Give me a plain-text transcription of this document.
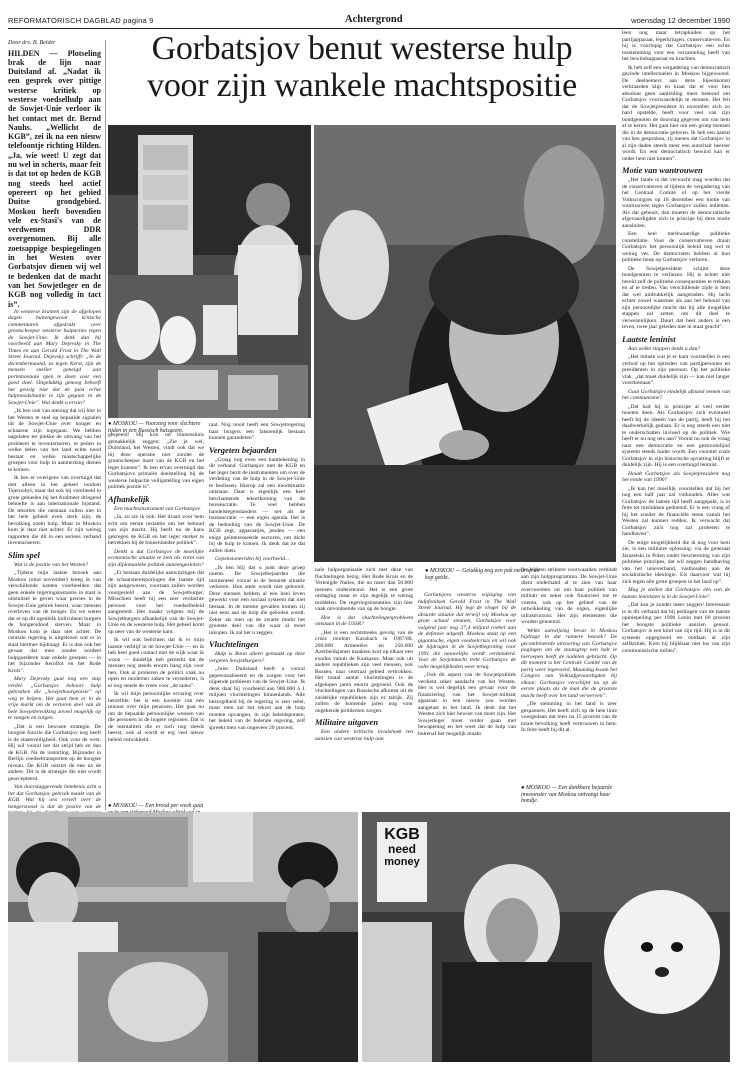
REFORMATORISCH DAGBLAD pagina 9	Achtergrond	woensdag 12 december 1990
Door drs. B. Belder
HILDEN — Plotseling brak de lijn naar Duitsland af. „Nadat ik een gesprek over pittige westerse kritiek op westerse voedselhulp aan de Sowjet-Unie verloor ik het contact met dr. Bernd Nauhs. „Wellicht de KGB”, zei ik na een nieuw telefoontje richting Hilden. „Ja, wie weet! U zegt dat nu wel in scherts, maar feit is dat tot op heden de KGB nog steeds heel actief opereert op het gebied Duitse grondgebied. Moskou heeft bovendien vele ex-Stasi's van de verdwenen DDR overgenomen. Bij alle zoetsappige bespiegelingen in het Westen over Gorbatsjov dienen wij wel te bedenken dat de macht van het Sowjetleger en de KGB nog volledig in tact is”.

In westerse kranten zijn de afgelopen dagen buitengewoon kritische commentaren afgedrukt over grootscheepse westerse hulpacties tegen de Sowjet-Unie. Ik denk dan bij voorbeeld aan Mary Dejevsky in The Times en aan Gerald Frost in The Wall Street Journal. Dejevsky schrijft: „In de decembermaand, zo tegen Kerst, zijn de mensen sneller geneigd aan portemonnaie open te doen voor een goed doel. Ongelukkig genoeg behoeft het gevolg niet dat de juist echte hulpnoodsituatie te zijn gegaan in de Sowjet-Unie”. Wat denkt u ervan?

„Ik ben ook van mening dat wij hier in het Westen te snel op bepaalde signalen uit de Sowjet-Unie over honger en schaarste zijn ingegaan. We hebben nagelaten ter plekke de omvang van het probleem te inventariseren, te peilen in welke delen van het land echte nood bestaat en welke maatschappelijke groepen voor hulp in aanmerking dienen te komen.

Ik ben er overigens van overtuigd dat met alleen in het geheel rondom Tsjernobyl, maar dat ook bij voorbeeld in grote gebieden bij het Aralmeer dringend behoefte is aan internationale bijstand. De tekorten die ontstaan zullen niet in het hele gebied even sterk zijn, de bevolking zoekt hulp. Maar in Moskou kom je daar niet achter. Er zijn weinig rapporten die dit in een serieus verband inventariseren.

Slim spel

Wat is de positie van het Westen?

„Tijdens mijn laatste bezoek aan Moskou (eind november) kreeg ik van verschillende kanten voorbeelden dat geen enkele regeringsinstantie in staat is uitsluitsel te geven waar precies in de Sowjet-Unie gebrek heerst, waar mensen overleven van de honger. En we weten dat er op dit ogenblik individueel burgers de hongersdood sterven. Maar in Moskou kom je daar niet achter. De centrale regering is uitgelezen wat er in staat hiermee bijdraagt. Er is dan ook het gevaar dat men zonder oordeel hulpgoederen naar enkele groepen — in het bijzonder Aeroflot en het Rode Kruis”.

Mary Dejevsky gaat nog een stap verder. „Gorbatsjov behoort hulp gebruiken die „Sowjetbourgeoisie” op weg te helpen. Het gaat hem er in de vrije markt om de verloren deel van de hele Sowjetbevolking zoveel mogelijk op te vangen en zorgen.

„Dat is een bewuste strategie. De hoogste functie die Gorbatsjov nog heeft is de staatsveiligheid. Ook voor de west. Hij wil vooral het dat strijd heb en dan de KGB. Na de instorting. Bijzonder in Berlijn voedseltransporten op de hoogste niveau. De KGB ontziet de ene na de andere. Dit is de strategie die niet wordt geaccepteerd.

Van doorslaggevende betekenis acht u het dat Gorbatsjov gebruik maakt van de KGB. Wat hij ons vertelt over de hongersnood is dat de positie van de

Gorbatsjov benut westerse hulp
voor zijn wankele machtspositie
● MOSKOU — Voorzorg voor slechtere tijden in een Russisch huisgezin.
● MOSKOU — Gelukkig nog een pak melk op de kop getikt.

gespeeld! Hij kon nu binnenshuis gemakkelijk zeggen: „Zie je wel, Duitsland, het Westen, vindt ook dat we bij deze operatie niet zonder de grootscheepse inzet van de KGB en het leger kunnen”. Ik ben ervan overtuigd dat Gorbatsjovs primaire doelstelling bij de westerse hulpactie veiligstelling van eigen politiek positie is”.

Afhankelijk

Een machtsinstrument van Gorbatsjov.

„Ja, zo zie ik ook. Het draait voor hem echt om eerste instantie om het behoud van zijn macht. Hij heeft nu de kans gekregen de KGB en het leger sterker te betrekken bij de binnenlandse politiek”.

Denkt u dat Gorbatsjov de moeilijke economische situatie te zien als vorm van zijn diplomatieke politiek aaneengesloten?

„Er bestaan duidelijke aanwijzingen dat de schaarsterelsporingen die laatste tijd zijn aangewezen, voortaan zullen worden voorgesteld aan de Sowjetburger. Misschien heeft hij een zeer verdachte persoon voor het voedselbeleid aangesteld. Het maakt volgens mij de Sowjetburgers afhankelijk van de Sowjet-Unie en de westerse hulp. Het geheel komt op neer van de westerse kant.

Ik wil ook belichten dat ik er mijn laatste verblijf in de Sowjet-Unie — en ik heb heel goed contact met de wijk waar ik woon — duidelijk heb gemerkt dat de mensen nog steeds enorm bang zijn voor hen. Ook al proberen de politici vaak nu open en moderner zaken te veranderen, is er nog steeds de vrees voor „de tanks”.

Ik wil mijn persoonlijke ervaring over hetzelfde: het is een kwestie van één minuut over mijn pensioen. Het gaat nu om de bepaalde persoonlijke wensen van die personen in de hogere regionen. Dat is de mentaliteit die er toch nog steeds heerst, ook al wordt er erg veel nieuw beleid ontwikkeld.

● MOSKOU — Een brood per week gaat

raat. Nog nooit heeft een Sowjetregering haar burgers een fatsoenlijk bestaan kunnen garanderen”.

Vergeten bejaarden

„Graag nog even een kanttekening in dit verband. Gorbatsjov met de KGB en het leger bezit de instrumenten om over de verdeling van de hulp in de Sowjet-Unie te beslissen. Hierop zal een noodsituatie ontstaan. Daar is eigenlijk een heel beschamende tekortkoming van de bureaucratie. Te veel hebben handelstegenstanders — net als de bureaucratie — een eigen agenda. Het is de bedoeling van de Sowjet-Unie. De KGB zegt, apparaatjes, jenden — een enige geïnteresseerde sectoren, om dicht bij de hulp te komen. Ik denk dat ze dat zullen doen.

Gepensioneerden bij voorbeeld...

„Ik ben blij dat u juist deze groep noemt. De Sowjetbejaarden die momenteel vooral in de benarde situatie verkeren. Hun stem wordt niet gehoord. Deze mensen hebben al een heel leven gewerkt voor een sociaal systeem dat niet bestaat. In de meeste gevallen komen zij niet eens aan de hulp die geboden wordt. Zeker als men op de zwarte markt het grootste deel van die waar al moet inkopen. Ik zal het u zeggen.

Vluchtelingen

Hulp is Bonn alleen gemaakt op deze vergeten Sowjetburgers?

„Juist. Duitsland heeft u vooral gepersonaliseerd en de zorgen voor het nijpende probleem van de Sowjet-Unie. Ik denk daar bij voorbeeld aan 900.000 à 1 miljoen vluchtelingen binnenlands. Alle bezorgdheid bij de regering is zeer reëel, maar men zal het tekort aan de hulp moeten opvangen, in zijn beleidspunten, het beleid van de federale regering, zelf spreekt men van ongeveer 20 procent.

nale hulporganisatie zich met deze van fluchtelingen bezig. Het Rode Kruis en de Verenigde Naties, die nu meer dan 50.000 mensen ondersteund. Het is een grote uitdaging maar er zijn tegelijk te weinig middelen. De regeringsinstanties zijn hier vaak onvoldoende van op de hoogte.

Hoe is dat vluchtelingenprobleem ontstaan in de USSR?

„Het is een rechtstreeks gevolg van de crisis rondom Karabach in 1987/88. 200.000 Armeniërs en 250.000 Azerbeidzjanen maakten kort op elkaar een exodus vanuit de Kaukasus. Maar ook uit andere republieken zijn veel mensen, ook Russen, naar centraal gebied vertrokken. Het totaal aantal vluchtelingen is de afgelopen jaren enorm gegroeid. Ook de vluchtelingen van Russische afkomst uit de zuidelijke republieken zijn er talrijk. Zij zullen de komende jaren nog voor ongekende problemen zorgen.

Militaire uitgaven

Een andere kritische invalshoek ten aanzien van westerse hulp aan

Gorbatsjovs westerse wijziging van hulpfondsen Gerald Frost in The Wall Street Journal. Hij legt de vinger bij de absurde situatie dat terwijl wij Moskou op grote schaal steunen, Gorbatsjov voor volgend jaar nog 27,4 miljard roebel aan de defensie uitgeeft. Moskou staat op een gigantische, eigen voedselcrisis en wil ook de bijdragen in de Sovjetbegroting voor 1991 die nauwelijks wordt verminderd. Voor de Sovjetmacht trekt Gorbatsjov de volle mogelijkheden weer terug.

„Ook dit aspect van de Sowjetpolitiek verdient zeker aandacht van het Westen. Het is wel degelijk een gevaar voor de financiering van het Sowjet-militair apparaat in een nieuw zou worden aangetast in het land. Ik denk dat het Westen zich hier bewust van moet zijn. Het Sowjetleger moet verder gaan met bewapening en het weet dat de hulp van buitenaf het mogelijk maakt.

het Westen striktere voorwaarden verbindt aan zijn hulpprogramma. De Sowjet-Unie dient onderhand al te zien van haar overvoorsten uit om haar politiek van militair en zeker ook financieel toe te voeren, ook op het gebied van de ontwikkeling van de eigen, eigenlijke infrastructuur. Het zijn elementen die worden genoemd.

Welke aanwijzing bevat in Moskou bijdrage in dat ruimere bezoek? De gecombineerde uitvoering van Gorbatsjov pogingen om de staatsgrep een halt te toeroepen heeft de nadelen gebracht. Op dit moment is het Centrale Comité van de partij weer ingevoerd, Maandag kwam het Congres van Volksafgevaardigden bij elkaar. Gorbatsjov verschijnt nu op de eerste plaats als de man die de grootste macht heeft over het land verwerven”.

„De stemming in het land is zeer gespannen. Het heeft zich op de hele linie voorgedaan dat men na 15 procent van de totale bevolking heeft vertrouwen in hem. In feite heeft hij dit al.

● MOSKOU — Een dankbare bejaarde inwoonster van Moskou ontvangt haar hondje.

leen nog maar tetraploïden op het partijapparaat, legerkringen, conservatieven. En hij is voorlopig dat Gorbatsjov een echte toestemming voor een verzameling heeft van het bewindsapparaat en krachten.

Ik heb zelf een vergadering van democratisch gezinde intellectuelen in Moskou bijgewoond. De deelnemers aan deze bijeenkomst verklaarden klip en klaar dat er voor hen absoluut geen aanleiding meer bestond om Gorbatsjov voorwaardelijk te steunen. Het feit dat de Sowjetpresident in november zich zo hard opstelde, heeft voor veel van zijn bondgenoten de doorslag gegeven om van hem af te keren. Het gaat hier om een groep mensen die in de democratie geloven. Ik heb een aantal van hen gesproken, zij menen dat Gorbatsjov in al zijn daden steeds meer een autoritair heerser wordt. En een democratisch bewind kan er onder hem niet komen”.

Motie van wantrouwen

„Het fatale is dat verwacht mag worden dat de conservatieven al tijdens de vergadering van het Centraal Comité of op het vierde Volkscongres op 18 december een motie van wantrouwen tegen Gorbatsjov zullen indienen. Als dat gebeurt, dan moeten de democratische afgevaardigden zich in principe bij deze motie aansluiten.

Een heel merkwaardige politieke constellatie. Voor de conservatieven draait Gorbatsjov het persoonlijk beleid nog wel te weinig ver. De democraten hebben al hun politieke hoop op Gorbatsjov verloren.

De Sowjetpresident schijnt deze bondgenoten te verliezen. Hij is echter niet bereid zelf de politieke consequenties te trekken en af te treden. Van verschillende zijde is hem dat wel uitdrukkelijk aangeraden. Hij lacht echter zowel waarmee als aan het behoud van zijn persoonlijke macht dat hij alle mogelijke stappen zal zetten om dit doel te verwezenlijken. Duurt dat heel anders is een leven, twee jaar geleden niet in staat geacht”.

Laatste leninist

Aan welke stappen denkt u dan?

„Het minste wat je er kunt voorstellen is een verbod op het optreden van partijpersonen en presidenten in zijn persoon. Op het politieke vlak. „dat moet duidelijk zijn — kan niet langer voortbestaan”.

Gaat Gorbatsjov eindelijk afstand nemen van het communisme?

„Dat had hij in principe al veel eerder moeten doen. Als Gorbatsjov zich eventueel heeft bij de ideeën van de partij, heeft hij het daadwerkelijk gedaan. Er is nog steeds een niet te onderschatten invloed op de politiek. Wie heeft er nu nog iets aan? Vooral nu ook de vraag naar een democratie en een gestroomlijnd systeem steeds luider wordt. Een voorstel zoals Gorbatsjov in zijn historische opvatting blijft er duidelijk zijn. Hij is een overtuigd leninist.

Houdt Gorbatsjov als Sowjetpresident nog het einde van 1990?

„Ik kan het moeilijk voorstellen dat hij het nog een half jaar zal volhouden. Alles wat Gorbatsjov de laatste tijd heeft aangepakt, is in feite tot mislukken gedoemd. Er is een vraag of hij het zonder de financiële steun vanuit het Westen zal kunnen redden. Ik verwacht dat Gorbatsjov zich nog zal proberen te handhaven”.

De enige mogelijkheid die ik nog voor hem zie, is een militaire oplossing: via de generaal Jarazelski in Polen onder bescherming van zijn politieke principes, dat wil zeggen handhaving van het unieverband, vasthouden aan de socialistische ideologie. Eis daarvoor wat hij zich tegen alle grote groepen in het land op”.

Mag je stellen dat Gorbatsjov één van de laatste leninisten is in de Sowjet-Unie?

„Dat kan je zonder meer zeggen! Interessant is in dit verband dat bij peilingen van de laatste opiniepeiling per 1990 Lenin met 60 procent het hoogste politieke aanzien genoot. Gorbatsjov is een kind van zijn tijd. Hij is in dit systeem opgegroeid en ontdaan al zijn zelfkritiek. Kom hij blijkbaar niet los van zijn communistische milieu”.

KGB
need
money
